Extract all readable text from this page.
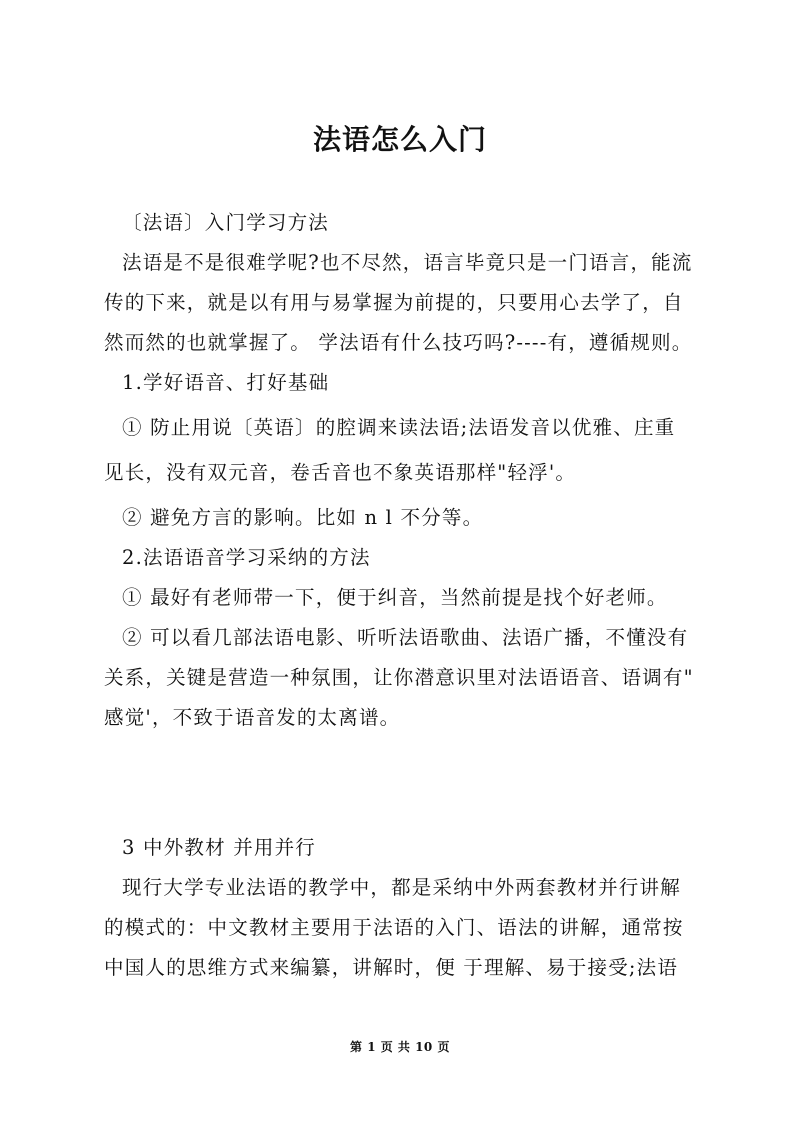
法语怎么入门
〔法语〕入门学习方法
法语是不是很难学呢?也不尽然，语言毕竟只是一门语言，能流
传的下来，就是以有用与易掌握为前提的，只要用心去学了，自
然而然的也就掌握了。 学法语有什么技巧吗?----有，遵循规则。
1.学好语音、打好基础
① 防止用说〔英语〕的腔调来读法语;法语发音以优雅、庄重
见长，没有双元音，卷舌音也不象英语那样"轻浮'。
② 避免方言的影响。比如 n l 不分等。
2.法语语音学习采纳的方法
① 最好有老师带一下，便于纠音，当然前提是找个好老师。
② 可以看几部法语电影、听听法语歌曲、法语广播，不懂没有
关系，关键是营造一种氛围，让你潜意识里对法语语音、语调有"
感觉'，不致于语音发的太离谱。
3 中外教材 并用并行
现行大学专业法语的教学中，都是采纳中外两套教材并行讲解
的模式的：中文教材主要用于法语的入门、语法的讲解，通常按
中国人的思维方式来编纂，讲解时，便 于理解、易于接受;法语
第 1 页 共 10 页
